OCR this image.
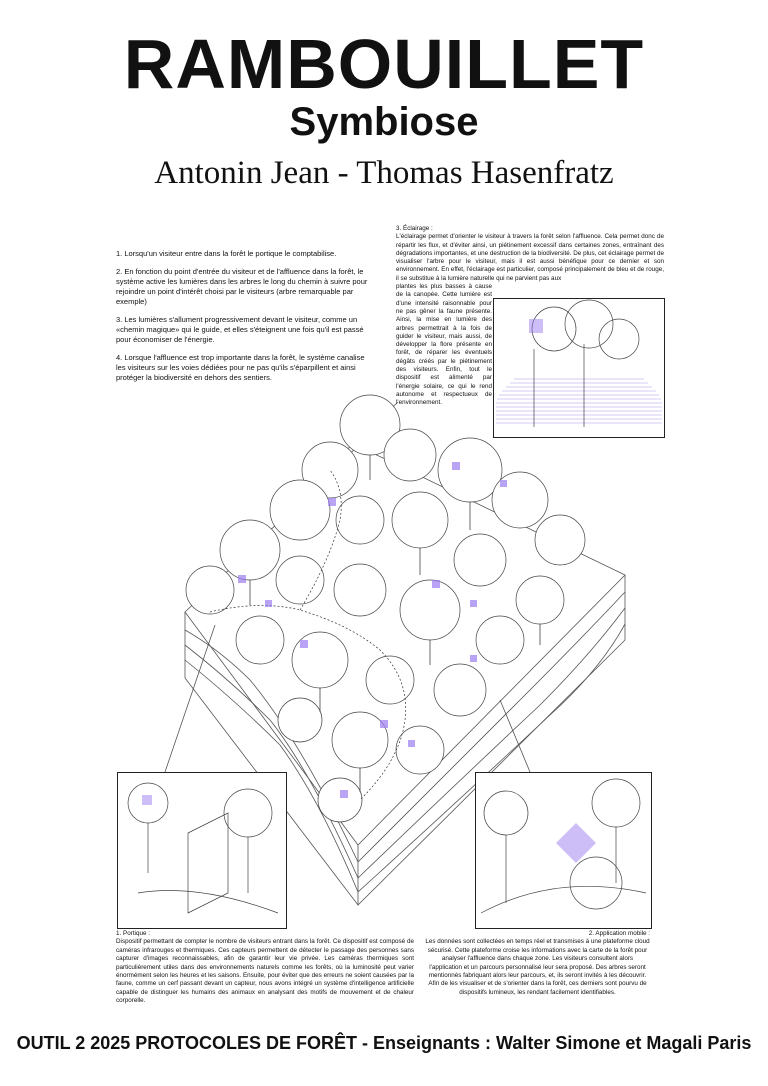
RAMBOUILLET
Symbiose
Antonin Jean - Thomas Hasenfratz

1. Lorsqu'un visiteur entre dans la forêt le portique le comptabilise.

2. En fonction du point d'entrée du visiteur et de l'affluence dans la forêt, le système active les lumières dans les arbres le long du chemin à suivre pour rejoindre un point d'intérêt choisi par le visiteurs (arbre remarquable par exemple)

3. Les lumières s'allument progressivement devant le visiteur, comme un «chemin magique» qui le guide, et elles s'éteignent une fois qu'il est passé pour économiser de l'énergie.

4. Lorsque l'affluence est trop importante dans la forêt, le système canalise les visiteurs sur les voies dédiées pour ne pas qu'ils s'éparpillent et ainsi protéger la biodiversité en dehors des sentiers.

3. Éclairage :

L'éclairage permet d'orienter le visiteur à travers la forêt selon l'affluence. Cela permet donc de répartir les flux, et d'éviter ainsi, un piétinement excessif dans certaines zones, entraînant des dégradations importantes, et une destruction de la biodiversité. De plus, cet éclairage permet de visualiser l'arbre pour le visiteur, mais il est aussi bénéfique pour ce dernier et son environnement. En effet, l'éclairage est particulier, composé principalement de bleu et de rouge, il se substitue à la lumière naturelle qui ne parvient pas aux

plantes les plus basses à cause de la canopée. Cette lumière est d'une intensité raisonnable pour ne pas gêner la faune présente. Ainsi, la mise en lumière des arbres permettrait à la fois de guider le visiteur, mais aussi, de développer la flore présente en forêt, de réparer les éventuels dégâts créés par le piétinement des visiteurs. Enfin, tout le dispositif est alimenté par l'énergie solaire, ce qui le rend autonome et respectueux de l'environnement.

1. Portique :

Dispositif permettant de compter le nombre de visiteurs entrant dans la forêt. Ce dispositif est composé de caméras infrarouges et thermiques. Ces capteurs permettent de détecter le passage des personnes sans capturer d'images reconnaissables, afin de garantir leur vie privée. Les caméras thermiques sont particulièrement utiles dans des environnements naturels comme les forêts, où la luminosité peut varier énormément selon les heures et les saisons. Ensuite, pour éviter que des erreurs ne soient causées par la faune, comme un cerf passant devant un capteur, nous avons intégré un système d'intelligence artificielle capable de distinguer les humains des animaux en analysant des motifs de mouvement et de chaleur corporelle.

2. Application mobile :

Les données sont collectées en temps réel et transmises à une plateforme cloud sécurisé. Cette plateforme croise les informations avec la carte de la forêt pour analyser l'affluence dans chaque zone. Les visiteurs consultent alors l'application et un parcours personnalisé leur sera proposé. Des arbres seront mentionnés fabriquant alors leur parcours, et, ils seront invités à les découvrir. Afin de les visualiser et de s'orienter dans la forêt, ces derniers sont pourvu de dispositifs lumineux, les rendant facilement identifiables.

OUTIL 2 2025 PROTOCOLES DE FORÊT - Enseignants : Walter Simone et Magali Paris
